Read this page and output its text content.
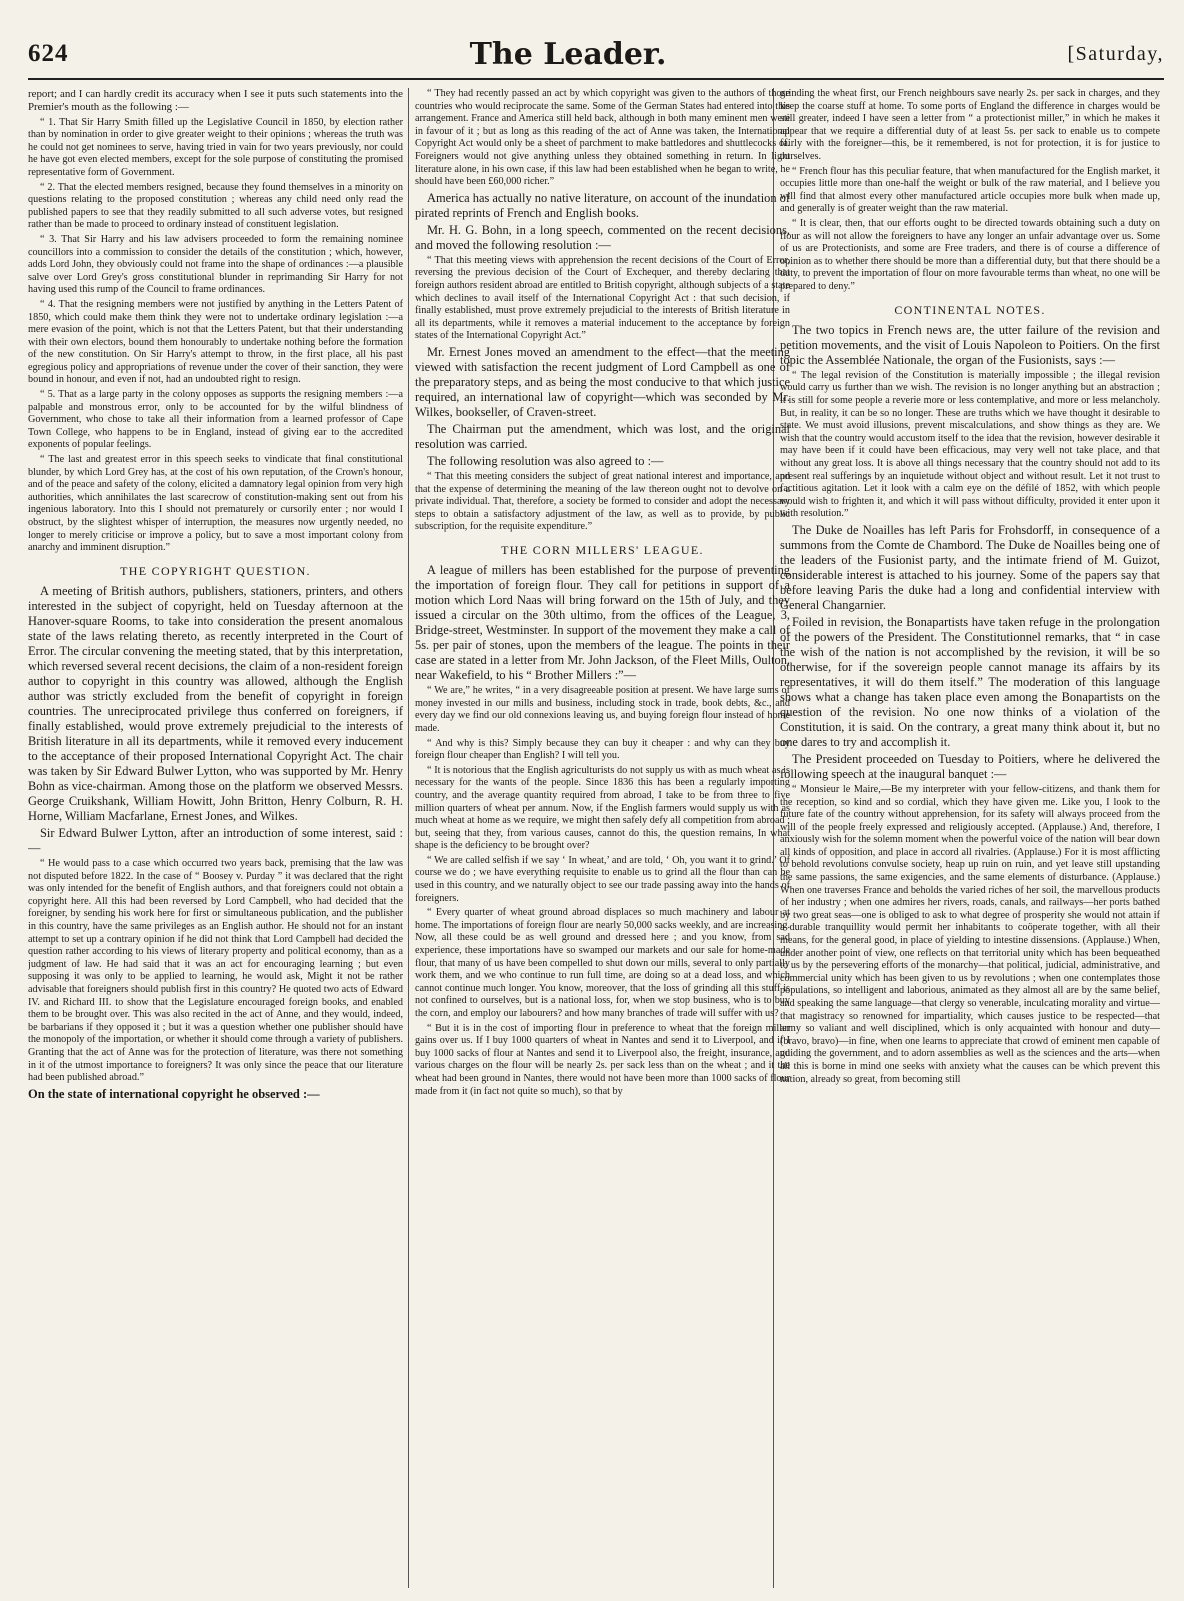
624	The Leader.	[Saturday,

report; and I can hardly credit its accuracy when I see it puts such statements into the Premier's mouth as the following :—

“ 1. That Sir Harry Smith filled up the Legislative Council in 1850, by election rather than by nomination in order to give greater weight to their opinions ; whereas the truth was he could not get nominees to serve, having tried in vain for two years previously, nor could he have got even elected members, except for the sole purpose of constituting the promised representative form of Government.

“ 2. That the elected members resigned, because they found themselves in a minority on questions relating to the proposed constitution ; whereas any child need only read the published papers to see that they readily submitted to all such adverse votes, but resigned rather than be made to proceed to ordinary instead of constituent legislation.

“ 3. That Sir Harry and his law advisers proceeded to form the remaining nominee councillors into a commission to consider the details of the constitution ; which, however, adds Lord John, they obviously could not frame into the shape of ordinances :—a plausible salve over Lord Grey's gross constitutional blunder in reprimanding Sir Harry for not having used this rump of the Council to frame ordinances.

“ 4. That the resigning members were not justified by anything in the Letters Patent of 1850, which could make them think they were not to undertake ordinary legislation :—a mere evasion of the point, which is not that the Letters Patent, but that their understanding with their own electors, bound them honourably to undertake nothing before the formation of the new constitution. On Sir Harry's attempt to throw, in the first place, all his past egregious policy and appropriations of revenue under the cover of their sanction, they were bound in honour, and even if not, had an undoubted right to resign.

“ 5. That as a large party in the colony opposes as supports the resigning members :—a palpable and monstrous error, only to be accounted for by the wilful blindness of Government, who chose to take all their information from a learned professor of Cape Town College, who happens to be in England, instead of giving ear to the accredited exponents of popular feelings.

“ The last and greatest error in this speech seeks to vindicate that final constitutional blunder, by which Lord Grey has, at the cost of his own reputation, of the Crown's honour, and of the peace and safety of the colony, elicited a damnatory legal opinion from very high authorities, which annihilates the last scarecrow of constitution-making sent out from his ingenious laboratory. Into this I should not prematurely or cursorily enter ; nor would I obstruct, by the slightest whisper of interruption, the measures now urgently needed, no longer to merely criticise or improve a policy, but to save a most important colony from anarchy and imminent disruption.”

THE COPYRIGHT QUESTION.

A meeting of British authors, publishers, stationers, printers, and others interested in the subject of copyright, held on Tuesday afternoon at the Hanover-square Rooms, to take into consideration the present anomalous state of the laws relating thereto, as recently interpreted in the Court of Error. The circular convening the meeting stated, that by this interpretation, which reversed several recent decisions, the claim of a non-resident foreign author to copyright in this country was allowed, although the English author was strictly excluded from the benefit of copyright in foreign countries. The unreciprocated privilege thus conferred on foreigners, if finally established, would prove extremely prejudicial to the interests of British literature in all its departments, while it removed every inducement to the acceptance of their proposed International Copyright Act. The chair was taken by Sir Edward Bulwer Lytton, who was supported by Mr. Henry Bohn as vice-chairman. Among those on the platform we observed Messrs. George Cruikshank, William Howitt, John Britton, Henry Colburn, R. H. Horne, William Macfarlane, Ernest Jones, and Wilkes.

Sir Edward Bulwer Lytton, after an introduction of some interest, said :—

“ He would pass to a case which occurred two years back, premising that the law was not disputed before 1822. In the case of “ Boosey v. Purday ” it was declared that the right was only intended for the benefit of English authors, and that foreigners could not obtain a copyright here. All this had been reversed by Lord Campbell, who had decided that the foreigner, by sending his work here for first or simultaneous publication, and the publisher in this country, have the same privileges as an English author. He should not for an instant attempt to set up a contrary opinion if he did not think that Lord Campbell had decided the question rather according to his views of literary property and political economy, than as a judgment of law. He had said that it was an act for encouraging learning ; but even supposing it was only to be applied to learning, he would ask, Might it not be rather advisable that foreigners should publish first in this country? He quoted two acts of Edward IV. and Richard III. to show that the Legislature encouraged foreign books, and enabled them to be brought over. This was also recited in the act of Anne, and they would, indeed, be barbarians if they opposed it ; but it was a question whether one publisher should have the monopoly of the importation, or whether it should come through a variety of publishers. Granting that the act of Anne was for the protection of literature, was there not something in it of the utmost importance to foreigners? It was only since the peace that our literature had been published abroad.”

On the state of international copyright he observed :—

“ They had recently passed an act by which copyright was given to the authors of those countries who would reciprocate the same. Some of the German States had entered into this arrangement. France and America still held back, although in both many eminent men were in favour of it ; but as long as this reading of the act of Anne was taken, the International Copyright Act would only be a sheet of parchment to make battledores and shuttlecocks of. Foreigners would not give anything unless they obtained something in return. In light literature alone, in his own case, if this law had been established when he began to write, he should have been £60,000 richer.”

America has actually no native literature, on account of the inundation of pirated reprints of French and English books.

Mr. H. G. Bohn, in a long speech, commented on the recent decisions, and moved the following resolution :—

“ That this meeting views with apprehension the recent decisions of the Court of Error, reversing the previous decision of the Court of Exchequer, and thereby declaring that foreign authors resident abroad are entitled to British copyright, although subjects of a state which declines to avail itself of the International Copyright Act : that such decision, if finally established, must prove extremely prejudicial to the interests of British literature in all its departments, while it removes a material inducement to the acceptance by foreign states of the International Copyright Act.”

Mr. Ernest Jones moved an amendment to the effect—that the meeting viewed with satisfaction the recent judgment of Lord Campbell as one of the preparatory steps, and as being the most conducive to that which justice required, an international law of copyright—which was seconded by Mr. Wilkes, bookseller, of Craven-street.

The Chairman put the amendment, which was lost, and the original resolution was carried.

The following resolution was also agreed to :—

“ That this meeting considers the subject of great national interest and importance, and that the expense of determining the meaning of the law thereon ought not to devolve on a private individual. That, therefore, a society be formed to consider and adopt the necessary steps to obtain a satisfactory adjustment of the law, as well as to provide, by public subscription, for the requisite expenditure.”

THE CORN MILLERS' LEAGUE.

A league of millers has been established for the purpose of preventing the importation of foreign flour. They call for petitions in support of a motion which Lord Naas will bring forward on the 15th of July, and they issued a circular on the 30th ultimo, from the offices of the League, 3, Bridge-street, Westminster. In support of the movement they make a call of 5s. per pair of stones, upon the members of the league. The points in their case are stated in a letter from Mr. John Jackson, of the Fleet Mills, Oulton, near Wakefield, to his “ Brother Millers :”—

“ We are,” he writes, “ in a very disagreeable position at present. We have large sums of money invested in our mills and business, including stock in trade, book debts, &c., and every day we find our old connexions leaving us, and buying foreign flour instead of home made.

“ And why is this? Simply because they can buy it cheaper : and why can they buy foreign flour cheaper than English? I will tell you.

“ It is notorious that the English agriculturists do not supply us with as much wheat as is necessary for the wants of the people. Since 1836 this has been a regularly importing country, and the average quantity required from abroad, I take to be from three to five million quarters of wheat per annum. Now, if the English farmers would supply us with as much wheat at home as we require, we might then safely defy all competition from abroad ; but, seeing that they, from various causes, cannot do this, the question remains, In what shape is the deficiency to be brought over?

“ We are called selfish if we say ‘ In wheat,’ and are told, ‘ Oh, you want it to grind.’ Of course we do ; we have everything requisite to enable us to grind all the flour than can be used in this country, and we naturally object to see our trade passing away into the hands of foreigners.

“ Every quarter of wheat ground abroad displaces so much machinery and labour at home. The importations of foreign flour are nearly 50,000 sacks weekly, and are increasing. Now, all these could be as well ground and dressed here ; and you know, from sad experience, these importations have so swamped our markets and our sale for home-made flour, that many of us have been compelled to shut down our mills, several to only partially work them, and we who continue to run full time, are doing so at a dead loss, and which cannot continue much longer. You know, moreover, that the loss of grinding all this stuff is not confined to ourselves, but is a national loss, for, when we stop business, who is to buy the corn, and employ our labourers? and how many branches of trade will suffer with us?

“ But it is in the cost of importing flour in preference to wheat that the foreign miller gains over us. If I buy 1000 quarters of wheat in Nantes and send it to Liverpool, and if I buy 1000 sacks of flour at Nantes and send it to Liverpool also, the freight, insurance, and various charges on the flour will be nearly 2s. per sack less than on the wheat ; and it the wheat had been ground in Nantes, there would not have been more than 1000 sacks of flour made from it (in fact not quite so much), so that by

grinding the wheat first, our French neighbours save nearly 2s. per sack in charges, and they keep the coarse stuff at home. To some ports of England the difference in charges would be still greater, indeed I have seen a letter from “ a protectionist miller,” in which he makes it appear that we require a differential duty of at least 5s. per sack to enable us to compete fairly with the foreigner—this, be it remembered, is not for protection, it is for justice to ourselves.

“ French flour has this peculiar feature, that when manufactured for the English market, it occupies little more than one-half the weight or bulk of the raw material, and I believe you will find that almost every other manufactured article occupies more bulk when made up, and generally is of greater weight than the raw material.

“ It is clear, then, that our efforts ought to be directed towards obtaining such a duty on flour as will not allow the foreigners to have any longer an unfair advantage over us. Some of us are Protectionists, and some are Free traders, and there is of course a difference of opinion as to whether there should be more than a differential duty, but that there should be a duty, to prevent the importation of flour on more favourable terms than wheat, no one will be prepared to deny.”

CONTINENTAL NOTES.

The two topics in French news are, the utter failure of the revision and petition movements, and the visit of Louis Napoleon to Poitiers. On the first topic the Assemblée Nationale, the organ of the Fusionists, says :—

“ The legal revision of the Constitution is materially impossible ; the illegal revision would carry us further than we wish. The revision is no longer anything but an abstraction ; it is still for some people a reverie more or less contemplative, and more or less melancholy. But, in reality, it can be so no longer. These are truths which we have thought it desirable to state. We must avoid illusions, prevent miscalculations, and show things as they are. We wish that the country would accustom itself to the idea that the revision, however desirable it may have been if it could have been efficacious, may very well not take place, and that without any great loss. It is above all things necessary that the country should not add to its present real sufferings by an inquietude without object and without result. Let it not trust to factitious agitation. Let it look with a calm eye on the défilé of 1852, with which people would wish to frighten it, and which it will pass without difficulty, provided it enter upon it with resolution.”

The Duke de Noailles has left Paris for Frohsdorff, in consequence of a summons from the Comte de Chambord. The Duke de Noailles being one of the leaders of the Fusionist party, and the intimate friend of M. Guizot, considerable interest is attached to his journey. Some of the papers say that before leaving Paris the duke had a long and confidential interview with General Changarnier.

Foiled in revision, the Bonapartists have taken refuge in the prolongation of the powers of the President. The Constitutionnel remarks, that “ in case the wish of the nation is not accomplished by the revision, it will be so otherwise, for if the sovereign people cannot manage its affairs by its representatives, it will do them itself.” The moderation of this language shows what a change has taken place even among the Bonapartists on the question of the revision. No one now thinks of a violation of the Constitution, it is said. On the contrary, a great many think about it, but no one dares to try and accomplish it.

The President proceeded on Tuesday to Poitiers, where he delivered the following speech at the inaugural banquet :—

“ Monsieur le Maire,—Be my interpreter with your fellow-citizens, and thank them for the reception, so kind and so cordial, which they have given me. Like you, I look to the future fate of the country without apprehension, for its safety will always proceed from the will of the people freely expressed and religiously accepted. (Applause.) And, therefore, I anxiously wish for the solemn moment when the powerful voice of the nation will bear down all kinds of opposition, and place in accord all rivalries. (Applause.) For it is most afflicting to behold revolutions convulse society, heap up ruin on ruin, and yet leave still upstanding the same passions, the same exigencies, and the same elements of disturbance. (Applause.) When one traverses France and beholds the varied riches of her soil, the marvellous products of her industry ; when one admires her rivers, roads, canals, and railways—her ports bathed by two great seas—one is obliged to ask to what degree of prosperity she would not attain if a durable tranquillity would permit her inhabitants to coöperate together, with all their means, for the general good, in place of yielding to intestine dissensions. (Applause.) When, under another point of view, one reflects on that territorial unity which has been bequeathed to us by the persevering efforts of the monarchy—that political, judicial, administrative, and commercial unity which has been given to us by revolutions ; when one contemplates those populations, so intelligent and laborious, animated as they almost all are by the same belief, and speaking the same language—that clergy so venerable, inculcating morality and virtue—that magistracy so renowned for impartiality, which causes justice to be respected—that army so valiant and well disciplined, which is only acquainted with honour and duty—(bravo, bravo)—in fine, when one learns to appreciate that crowd of eminent men capable of guiding the government, and to adorn assemblies as well as the sciences and the arts—when all this is borne in mind one seeks with anxiety what the causes can be which prevent this nation, already so great, from becoming still
